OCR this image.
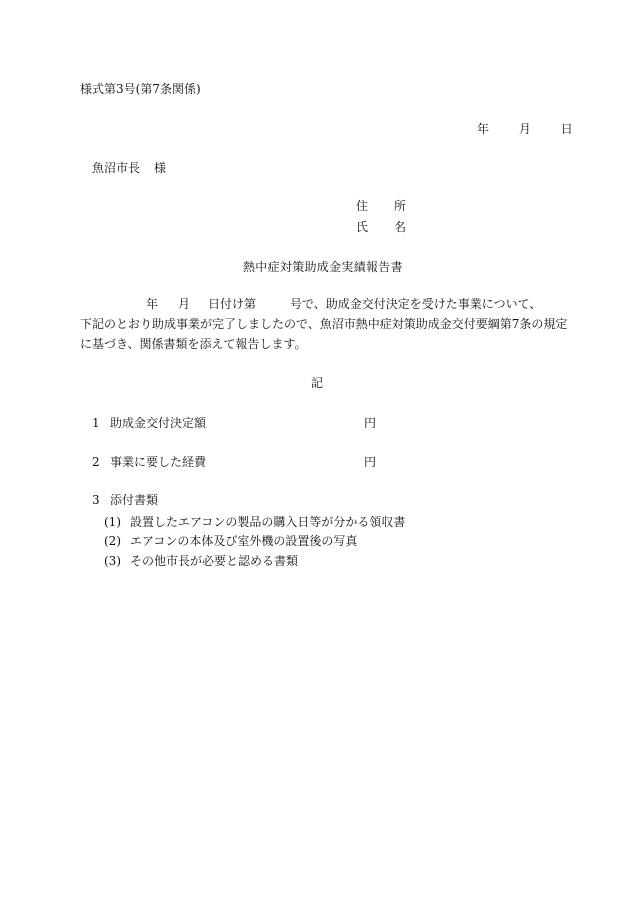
様式第3号(第7条関係)
年 月 日
魚沼市長 様
住 所
氏 名
熱中症対策助成金実績報告書
年 月 日付け第	号で、助成金交付決定を受けた事業について、
下記のとおり助成事業が完了しましたので、魚沼市熱中症対策助成金交付要綱第7条の規定
に基づき、関係書類を添えて報告します。
記
1 助成金交付決定額	円
2 事業に要した経費	円
3 添付書類
(1) 設置したエアコンの製品の購入日等が分かる領収書
(2) エアコンの本体及び室外機の設置後の写真
(3) その他市長が必要と認める書類
